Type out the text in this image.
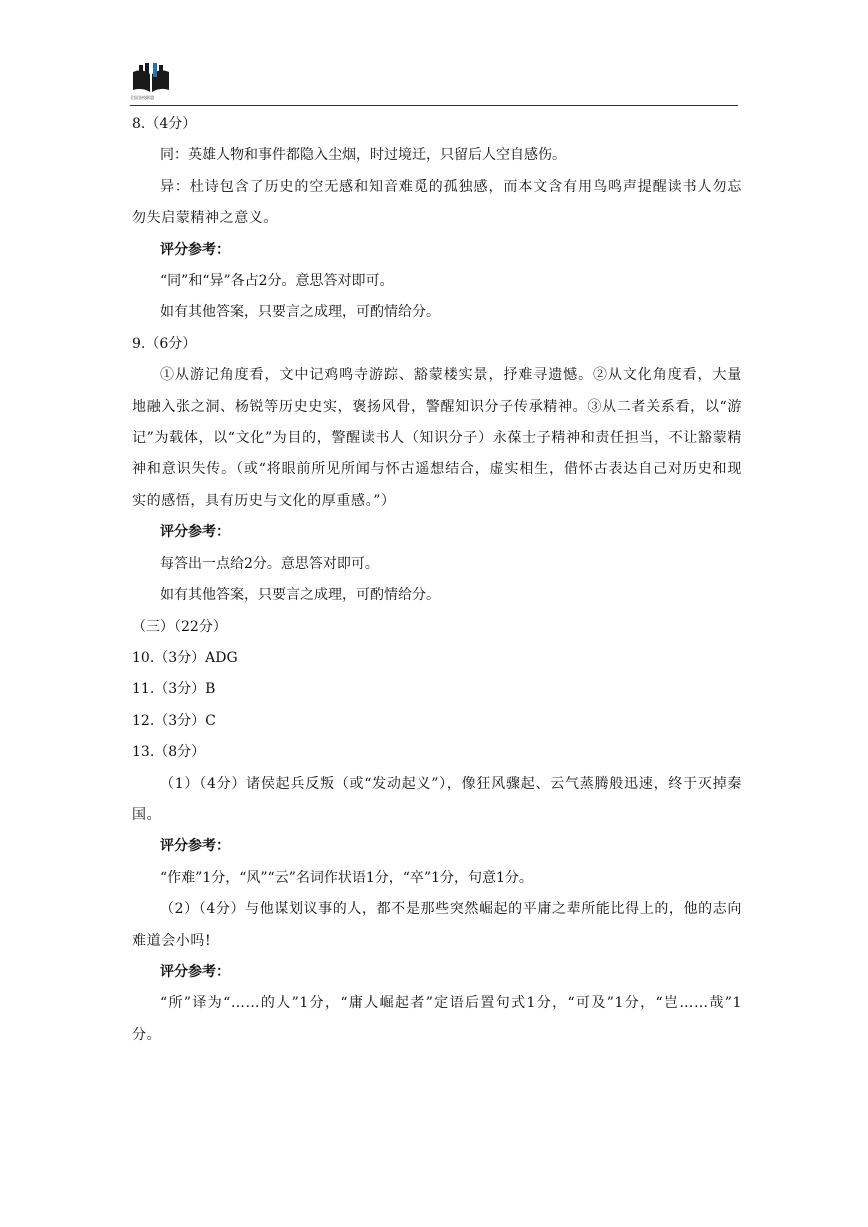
全国各校联盟

8.（4分）

同：英雄人物和事件都隐入尘烟，时过境迁，只留后人空自感伤。

异：杜诗包含了历史的空无感和知音难觅的孤独感，而本文含有用鸟鸣声提醒读书人勿忘勿失启蒙精神之意义。

评分参考：

“同”和“异”各占2分。意思答对即可。

如有其他答案，只要言之成理，可酌情给分。

9.（6分）

①从游记角度看，文中记鸡鸣寺游踪、豁蒙楼实景，抒难寻遗憾。②从文化角度看，大量地融入张之洞、杨锐等历史史实，褒扬风骨，警醒知识分子传承精神。③从二者关系看，以“游记”为载体，以“文化”为目的，警醒读书人（知识分子）永葆士子精神和责任担当，不让豁蒙精神和意识失传。（或“将眼前所见所闻与怀古遥想结合，虚实相生，借怀古表达自己对历史和现实的感悟，具有历史与文化的厚重感。”）

评分参考：

每答出一点给2分。意思答对即可。

如有其他答案，只要言之成理，可酌情给分。

（三）（22分）

10.（3分）ADG

11.（3分）B

12.（3分）C

13.（8分）

（1）（4分）诸侯起兵反叛（或“发动起义”），像狂风骤起、云气蒸腾般迅速，终于灭掉秦国。

评分参考：

“作难”1分，“风”“云”名词作状语1分，“卒”1分，句意1分。

（2）（4分）与他谋划议事的人，都不是那些突然崛起的平庸之辈所能比得上的，他的志向难道会小吗!

评分参考：

“所”译为“……的人”1分，“庸人崛起者”定语后置句式1分，“可及”1分，“岂……哉”1分。
